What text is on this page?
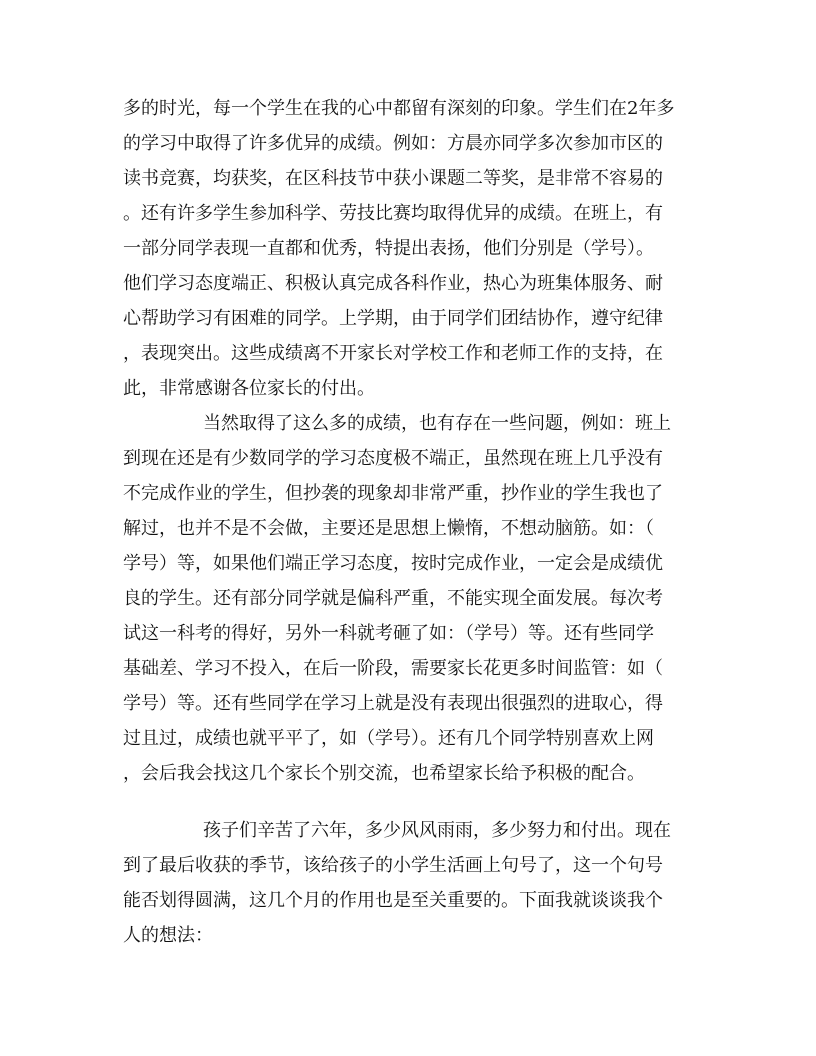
多的时光，每一个学生在我的心中都留有深刻的印象。学生们在2年多
的学习中取得了许多优异的成绩。例如：方晨亦同学多次参加市区的
读书竞赛，均获奖，在区科技节中获小课题二等奖，是非常不容易的
。还有许多学生参加科学、劳技比赛均取得优异的成绩。在班上，有
一部分同学表现一直都和优秀，特提出表扬，他们分别是（学号）。
他们学习态度端正、积极认真完成各科作业，热心为班集体服务、耐
心帮助学习有困难的同学。上学期，由于同学们团结协作，遵守纪律
，表现突出。这些成绩离不开家长对学校工作和老师工作的支持，在
此，非常感谢各位家长的付出。
当然取得了这么多的成绩，也有存在一些问题，例如：班上
到现在还是有少数同学的学习态度极不端正，虽然现在班上几乎没有
不完成作业的学生，但抄袭的现象却非常严重，抄作业的学生我也了
解过，也并不是不会做，主要还是思想上懒惰，不想动脑筋。如：（
学号）等，如果他们端正学习态度，按时完成作业，一定会是成绩优
良的学生。还有部分同学就是偏科严重，不能实现全面发展。每次考
试这一科考的得好，另外一科就考砸了如：（学号）等。还有些同学
基础差、学习不投入，在后一阶段，需要家长花更多时间监管：如（
学号）等。还有些同学在学习上就是没有表现出很强烈的进取心，得
过且过，成绩也就平平了，如（学号）。还有几个同学特别喜欢上网
，会后我会找这几个家长个别交流，也希望家长给予积极的配合。
孩子们辛苦了六年，多少风风雨雨，多少努力和付出。现在
到了最后收获的季节，该给孩子的小学生活画上句号了，这一个句号
能否划得圆满，这几个月的作用也是至关重要的。下面我就谈谈我个
人的想法：
